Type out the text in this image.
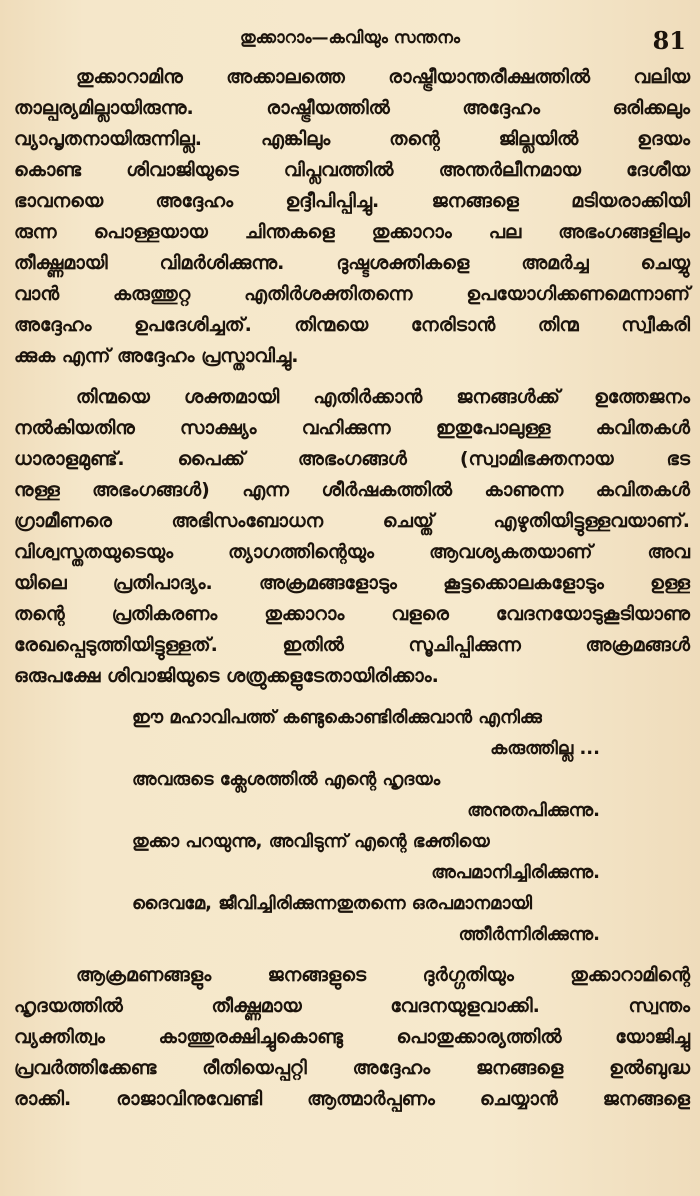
തുക്കാറാം—കവിയും സന്തനം	81

തുക്കാറാമിനു അക്കാലത്തെ രാഷ്ട്രീയാന്തരീക്ഷത്തിൽ വലിയ

താല്പര്യമില്ലായിരുന്നു. രാഷ്ട്രീയത്തിൽ അദ്ദേഹം ഒരിക്കലും

വ്യാപൃതനായിരുന്നില്ല. എങ്കിലും തന്റെ ജില്ലയിൽ ഉദയം

കൊണ്ട ശിവാജിയുടെ വിപ്ലവത്തിൽ അന്തർലീനമായ ദേശീയ

ഭാവനയെ അദ്ദേഹം ഉദ്ദീപിപ്പിച്ചു. ജനങ്ങളെ മടിയരാക്കിയി

രുന്ന പൊള്ളയായ ചിന്തകളെ തുക്കാറാം പല അഭംഗങ്ങളിലും

തീക്ഷ്ണമായി വിമർശിക്കുന്നു. ദുഷ്ടശക്തികളെ അമർച്ച ചെയ്യു

വാൻ കരുത്തുറ്റ എതിർശക്തിതന്നെ ഉപയോഗിക്കണമെന്നാണ്

അദ്ദേഹം ഉപദേശിച്ചത്. തിന്മയെ നേരിടാൻ തിന്മ സ്വീകരി

ക്കുക എന്ന് അദ്ദേഹം പ്രസ്താവിച്ചു.

തിന്മയെ ശക്തമായി എതിർക്കാൻ ജനങ്ങൾക്ക് ഉത്തേജനം

നൽകിയതിനു സാക്ഷ്യം വഹിക്കുന്ന ഇതുപോലുള്ള കവിതകൾ

ധാരാളമുണ്ട്. പൈക്ക് അഭംഗങ്ങൾ (സ്വാമിഭക്തനായ ഭട

നുള്ള അഭംഗങ്ങൾ) എന്ന ശീർഷകത്തിൽ കാണുന്ന കവിതകൾ

ഗ്രാമീണരെ അഭിസംബോധന ചെയ്ത് എഴുതിയിട്ടുള്ളവയാണ്.

വിശ്വസ്തതയുടെയും ത്യാഗത്തിന്റെയും ആവശ്യകതയാണ് അവ

യിലെ പ്രതിപാദ്യം. അക്രമങ്ങളോടും കൂട്ടക്കൊലകളോടും ഉള്ള

തന്റെ പ്രതികരണം തുക്കാറാം വളരെ വേദനയോടുകൂടിയാണു

രേഖപ്പെടുത്തിയിട്ടുള്ളത്. ഇതിൽ സൂചിപ്പിക്കുന്ന അക്രമങ്ങൾ

ഒരുപക്ഷേ ശിവാജിയുടെ ശത്രുക്കളുടേതായിരിക്കാം.

ഈ മഹാവിപത്ത് കണ്ടുകൊണ്ടിരിക്കുവാൻ എനിക്കു

കരുത്തില്ല ...

അവരുടെ ക്ലേശത്തിൽ എന്റെ ഹൃദയം

അനുതപിക്കുന്നു.

തുക്കാ പറയുന്നു, അവിടുന്ന് എന്റെ ഭക്തിയെ

അപമാനിച്ചിരിക്കുന്നു.

ദൈവമേ, ജീവിച്ചിരിക്കുന്നതുതന്നെ ഒരപമാനമായി

ത്തീർന്നിരിക്കുന്നു.

ആക്രമണങ്ങളും ജനങ്ങളുടെ ദുർഗ്ഗതിയും തുക്കാറാമിന്റെ

ഹൃദയത്തിൽ തീക്ഷ്ണമായ വേദനയുളവാക്കി. സ്വന്തം

വ്യക്തിത്വം കാത്തുരക്ഷിച്ചുകൊണ്ടു പൊതുക്കാര്യത്തിൽ യോജിച്ചു

പ്രവർത്തിക്കേണ്ട രീതിയെപ്പറ്റി അദ്ദേഹം ജനങ്ങളെ ഉൽബുദ്ധ

രാക്കി. രാജാവിനുവേണ്ടി ആത്മാർപ്പണം ചെയ്യാൻ ജനങ്ങളെ
